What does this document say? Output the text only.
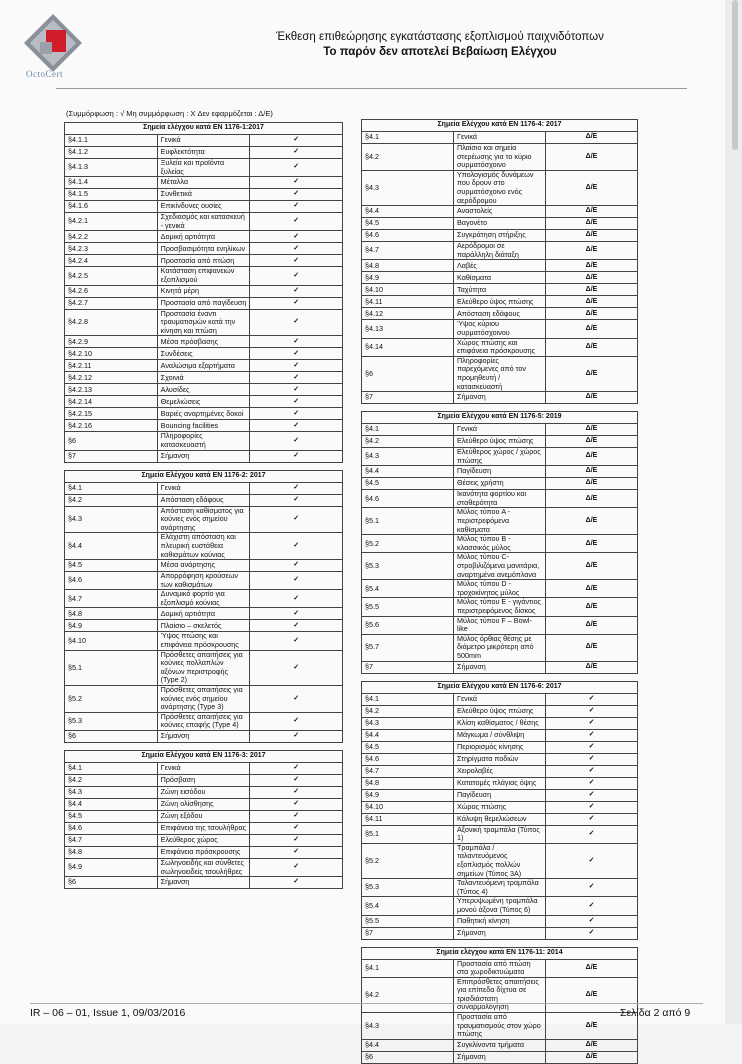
OctoCert
Έκθεση επιθεώρησης εγκατάστασης εξοπλισμού παιχνιδότοπων
Το παρόν δεν αποτελεί Βεβαίωση Ελέγχου
(Συμμόρφωση : √ Μη συμμόρφωση : X Δεν εφαρμόζεται : Δ/Ε)
Σημεία ελέγχου κατά ΕΝ 1176-1:2017		
§4.1.1	Γενικά	✓
§4.1.2	Ευφλεκτότητα	✓
§4.1.3	Ξυλεία και προϊόντα ξυλείας	✓
§4.1.4	Μέταλλα	✓
§4.1.5	Συνθετικά	✓
§4.1.6	Επικίνδυνες ουσίες	✓
§4.2.1	Σχεδιασμός και κατασκευή - γενικά	✓
§4.2.2	Δομική αρτιότητα	✓
§4.2.3	Προσβασιμότητα ενηλίκων	✓
§4.2.4	Προστασία από πτώση	✓
§4.2.5	Κατάσταση επιφανειών εξοπλισμού	✓
§4.2.6	Κινητά μέρη	✓
§4.2.7	Προστασία από παγίδευση	✓
§4.2.8	Προστασία έναντι τραυματισμών κατά την κίνηση και πτώση	✓
§4.2.9	Μέσα πρόσβασης	✓
§4.2.10	Συνδέσεις	✓
§4.2.11	Αναλώσιμα εξαρτήματα	✓
§4.2.12	Σχοινιά	✓
§4.2.13	Αλυσίδες	✓
§4.2.14	Θεμελιώσεις	✓
§4.2.15	Βαριές αναρτημένες δοκοί	✓
§4.2.16	Bouncing facilities	✓
§6	Πληροφορίες κατασκευαστή	✓
§7	Σήμανση	✓
Σημεία Ελέγχου κατά ΕΝ 1176-2: 2017		
§4.1	Γενικά	✓
§4.2	Απόσταση εδάφους	✓
§4.3	Απόσταση καθίσματος για κούνιες ενός σημείου ανάρτησης	✓
§4.4	Ελάχιστη απόσταση και πλευρική ευστάθεια καθισμάτων κούνιας	✓
§4.5	Μέσα ανάρτησης	✓
§4.6	Απορρόφηση κρούσεων των καθισμάτων	✓
§4.7	Δυναμικό φορτίο για εξοπλισμό κούνιας	✓
§4.8	Δομική αρτιότητα	✓
§4.9	Πλαίσιο – σκελετός	✓
§4.10	Ύψος πτώσης και επιφάνεια πρόσκρουσης	✓
§5.1	Πρόσθετες απαιτήσεις για κούνιες πολλαπλών αξόνων περιστροφής (Type 2)	✓
§5.2	Πρόσθετες απαιτήσεις για κούνιες ενός σημείου ανάρτησης (Type 3)	✓
§5.3	Πρόσθετες απαιτήσεις για κούνιες επαφής (Type 4)	✓
§6	Σήμανση	✓
Σημεία Ελέγχου κατά ΕΝ 1176-3: 2017		
§4.1	Γενικά	✓
§4.2	Πρόσβαση	✓
§4.3	Ζώνη εισόδου	✓
§4.4	Ζώνη ολίσθησης	✓
§4.5	Ζώνη εξόδου	✓
§4.6	Επιφάνεια της τσουλήθρας	✓
§4.7	Ελεύθερος χώρος	✓
§4.8	Επιφάνεια πρόσκρουσης	✓
§4.9	Σωληνοειδής και σύνθετες σωληνοειδείς τσουλήθρες	✓
§6	Σήμανση	✓
Σημεία Ελέγχου κατά ΕΝ 1176-4: 2017		
§4.1	Γενικά	Δ/Ε
§4.2	Πλαίσιο και σημεία στερέωσης για το κύριο συρματόσχοινο	Δ/Ε
§4.3	Υπολογισμός δυνάμεων που δρουν στο συρματόσχοινο ενός αερόδρομου	Δ/Ε
§4.4	Αναστολείς	Δ/Ε
§4.5	Βαγονέτο	Δ/Ε
§4.6	Συγκράτηση στήριξης	Δ/Ε
§4.7	Αερόδρομοι σε παράλληλη διάταξη	Δ/Ε
§4.8	Λαβές	Δ/Ε
§4.9	Καθίσματα	Δ/Ε
§4.10	Ταχύτητα	Δ/Ε
§4.11	Ελεύθερο ύψος πτώσης	Δ/Ε
§4.12	Απόσταση εδάφους	Δ/Ε
§4.13	Ύψος κύριου συρματόσχοινου	Δ/Ε
§4.14	Χώρος πτώσης και επιφάνεια πρόσκρουσης	Δ/Ε
§6	Πληροφορίες παρεχόμενες από τον προμηθευτή / κατασκευαστή	Δ/Ε
§7	Σήμανση	Δ/Ε
Σημεία Ελέγχου κατά ΕΝ 1176-5: 2019		
§4.1	Γενικά	Δ/Ε
§4.2	Ελεύθερο ύψος πτώσης	Δ/Ε
§4.3	Ελεύθερος χώρος / χώρος πτώσης	Δ/Ε
§4.4	Παγίδευση	Δ/Ε
§4.5	Θέσεις χρήστη	Δ/Ε
§4.6	Ικανότητα φορτίου και σταθερότητα	Δ/Ε
§5.1	Μύλος τύπου A - περιστρεφόμενα καθίσματα	Δ/Ε
§5.2	Μύλος τύπου B - κλασσικός μύλος	Δ/Ε
§5.3	Μύλος τύπου C- στροβιλιζόμενα μανιτάρια, αναρτημένα ανεμόπλανα	Δ/Ε
§5.4	Μύλος τύπου D - τροχοκίνητος μύλος	Δ/Ε
§5.5	Μύλος τύπου E - γιγάντιος περιστρεφόμενος δίσκος	Δ/Ε
§5.6	Μύλος τύπου F – Bowl-like	Δ/Ε
§5.7	Μύλος όρθιας θέσης με διάμετρο μικρότερη από 500mm	Δ/Ε
§7	Σήμανση	Δ/Ε
Σημεία Ελέγχου κατά ΕΝ 1176-6: 2017		
§4.1	Γενικά	✓
§4.2	Ελεύθερο ύψος πτώσης	✓
§4.3	Κλίση καθίσματος / θέσης	✓
§4.4	Μάγκωμα / σύνθλιψη	✓
§4.5	Περιορισμός κίνησης	✓
§4.6	Στηρίγματα ποδιών	✓
§4.7	Χειρολαβές	✓
§4.8	Κατατομές πλάγιας όψης	✓
§4.9	Παγίδευση	✓
§4.10	Χώρος πτώσης	✓
§4.11	Κάλυψη θεμελιώσεων	✓
§5.1	Αξονική τραμπάλα (Τύπος 1)	✓
§5.2	Τραμπάλα / ταλαντευόμενος εξοπλισμός πολλών σημείων (Τύπος 3Α)	✓
§5.3	Ταλαντευόμενη τραμπάλα (Τύπος 4)	✓
§5.4	Υπερυψωμένη τραμπάλα μονού άξονα (Τύπος 6)	✓
§5.5	Παθητική κίνηση	✓
§7	Σήμανση	✓
Σημεία ελέγχου κατά ΕΝ 1176-11: 2014		
§4.1	Προστασία από πτώση στα χωροδικτυώματα	Δ/Ε
§4.2	Επιπρόσθετες απαιτήσεις για επίπεδα δίχτυα σε τρισδιάστατη συναρμολόγηση	Δ/Ε
§4.3	Προστασία από τραυματισμούς στον χώρο πτώσης	Δ/Ε
§4.4	Συγκλίνοντα τμήματα	Δ/Ε
§6	Σήμανση	Δ/Ε
IR – 06 – 01, Issue 1, 09/03/2016	Σελίδα 2 από 9
